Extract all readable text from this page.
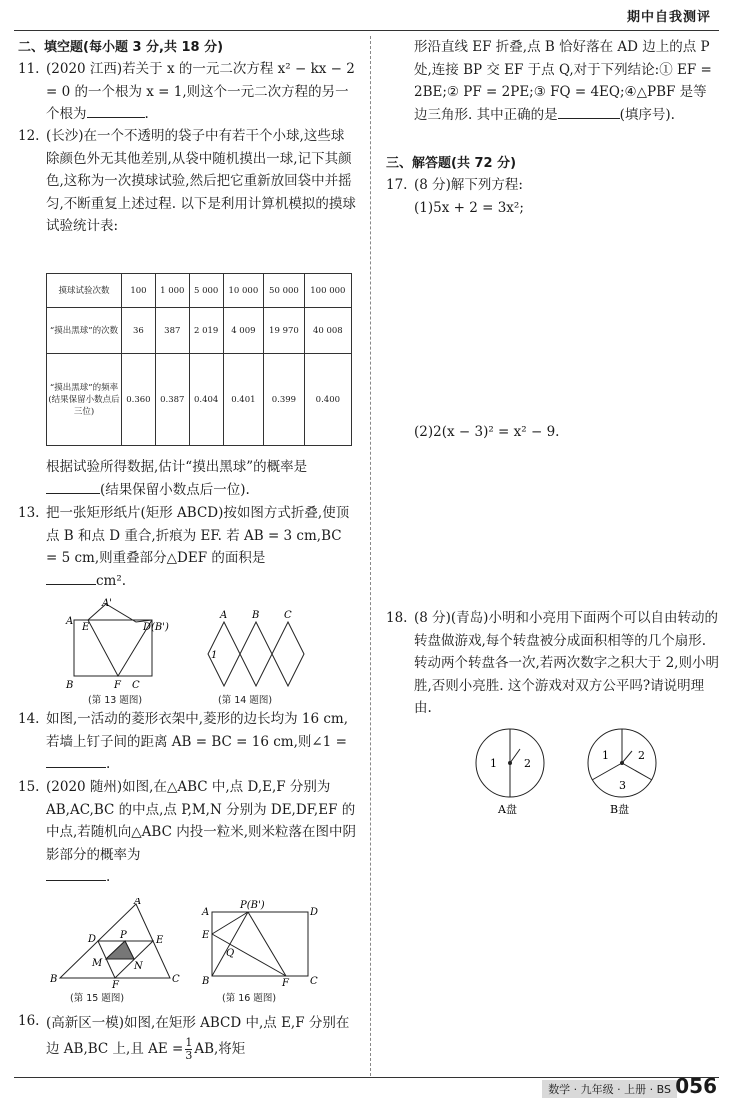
期中自我测评
二、填空题(每小题 3 分,共 18 分)
11. (2020 江西)若关于 x 的一元二次方程 x² − kx − 2 = 0 的一个根为 x = 1,则这个一元二次方程的另一个根为	.

12. (长沙)在一个不透明的袋子中有若干个小球,这些球除颜色外无其他差别,从袋中随机摸出一球,记下其颜色,这称为一次摸球试验,然后把它重新放回袋中并摇匀,不断重复上述过程. 以下是利用计算机模拟的摸球试验统计表:

摸球试验次数	100	1 000	5 000	10 000	50 000	100 000
“摸出黑球”的次数	36	387	2 019	4 009	19 970	40 008
“摸出黑球”的频率(结果保留小数点后三位)	0.360	0.387	0.404	0.401	0.399	0.400

根据试验所得数据,估计“摸出黑球”的概率是(结果保留小数点后一位).

13. 把一张矩形纸片(矩形 ABCD)按如图方式折叠,使顶点 B 和点 D 重合,折痕为 EF. 若 AB = 3 cm,BC = 5 cm,则重叠部分△DEF 的面积是
cm².

A'
A
E	D(B')
B	F C
(第 13 题图)
A B C
1
(第 14 题图)
14. 如图,一活动的菱形衣架中,菱形的边长均为 16 cm,若墙上钉子间的距离 AB = BC = 16 cm,则∠1 =.

15. (2020 随州)如图,在△ABC 中,点 D,E,F 分别为 AB,AC,BC 的中点,点 P,M,N 分别为 DE,DF,EF 的中点,若随机向△ABC 内投一粒米,则米粒落在图中阴影部分的概率为
.

A
D P	E
M	N
B
F
C
(第 15 题图)
A
P(B')
D
E
Q
B	F C
(第 16 题图)
16. (高新区一模)如图,在矩形 ABCD 中,点 E,F 分别在边 AB,BC 上,且 AE = $\frac{1}{3}$ AB,将矩

形沿直线 EF 折叠,点 B 恰好落在 AD 边上的点 P 处,连接 BP 交 EF 于点 Q,对于下列结论:① EF = 2BE;② PF = 2PE;③ FQ = 4EQ;④△PBF 是等边三角形. 其中正确的是	(填序号).

三、解答题(共 72 分)
17. (8 分)解下列方程:

(1)5x + 2 = 3x²;

(2)2(x − 3)² = x² − 9.

18. (8 分)(青岛)小明和小亮用下面两个可以自由转动的转盘做游戏,每个转盘被分成面积相等的几个扇形. 转动两个转盘各一次,若两次数字之积大于 2,则小明胜,否则小亮胜. 这个游戏对双方公平吗?请说明理由.

1 2
A盘
1	2
3
B盘
数学 · 九年级 · 上册 · BS 056
